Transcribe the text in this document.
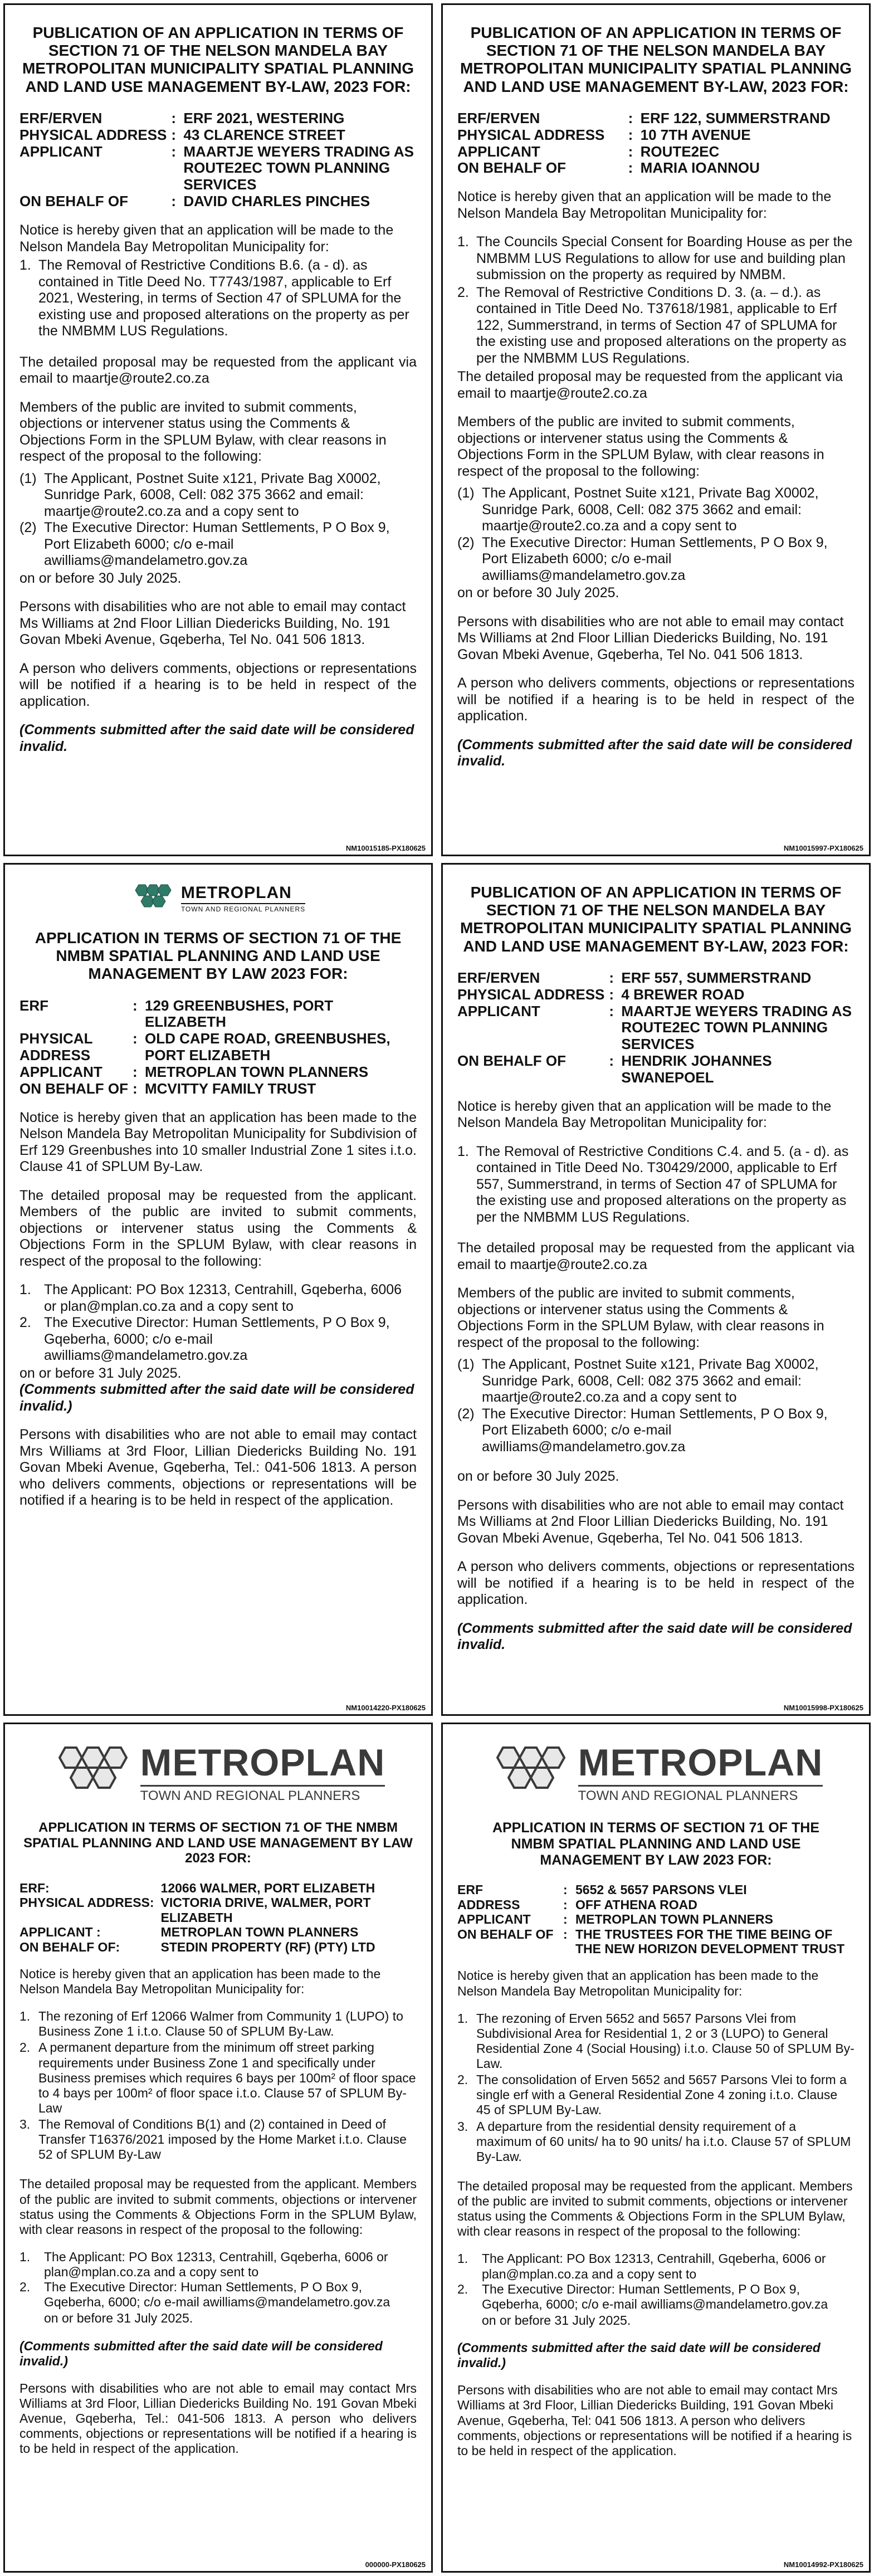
PUBLICATION OF AN APPLICATION IN TERMS OF SECTION 71 OF THE NELSON MANDELA BAY METROPOLITAN MUNICIPALITY SPATIAL PLANNING AND LAND USE MANAGEMENT BY-LAW, 2023 FOR:
ERF/ERVEN	:	ERF 2021, WESTERING
PHYSICAL ADDRESS	:	43 CLARENCE STREET
APPLICANT	:	MAARTJE WEYERS TRADING AS ROUTE2EC TOWN PLANNING SERVICES
ON BEHALF OF	:	DAVID CHARLES PINCHES

Notice is hereby given that an application will be made to the Nelson Mandela Bay Metropolitan Municipality for:

1. The Removal of Restrictive Conditions B.6. (a - d). as contained in Title Deed No. T7743/1987, applicable to Erf 2021, Westering, in terms of Section 47 of SPLUMA for the existing use and proposed alterations on the property as per the NMBMM LUS Regulations.

The detailed proposal may be requested from the applicant via email to maartje@route2.co.za

Members of the public are invited to submit comments, objections or intervener status using the Comments & Objections Form in the SPLUM Bylaw, with clear reasons in respect of the proposal to the following:

(1) The Applicant, Postnet Suite x121, Private Bag X0002, Sunridge Park, 6008, Cell: 082 375 3662 and email: maartje@route2.co.za and a copy sent to
(2) The Executive Director: Human Settlements, P O Box 9, Port Elizabeth 6000; c/o e-mail awilliams@mandelametro.gov.za

on or before 30 July 2025.

Persons with disabilities who are not able to email may contact Ms Williams at 2nd Floor Lillian Diedericks Building, No. 191 Govan Mbeki Avenue, Gqeberha, Tel No. 041 506 1813.

A person who delivers comments, objections or representations will be notified if a hearing is to be held in respect of the application.

(Comments submitted after the said date will be considered invalid.

NM10015185-PX180625
PUBLICATION OF AN APPLICATION IN TERMS OF SECTION 71 OF THE NELSON MANDELA BAY METROPOLITAN MUNICIPALITY SPATIAL PLANNING AND LAND USE MANAGEMENT BY-LAW, 2023 FOR:
ERF/ERVEN	:	ERF 122, SUMMERSTRAND
PHYSICAL ADDRESS	:	10 7TH AVENUE
APPLICANT	:	ROUTE2EC
ON BEHALF OF	:	MARIA IOANNOU

Notice is hereby given that an application will be made to the Nelson Mandela Bay Metropolitan Municipality for:

1. The Councils Special Consent for Boarding House as per the NMBMM LUS Regulations to allow for use and building plan submission on the property as required by NMBM.
2. The Removal of Restrictive Conditions D. 3. (a. – d.). as contained in Title Deed No. T37618/1981, applicable to Erf 122, Summerstrand, in terms of Section 47 of SPLUMA for the existing use and proposed alterations on the property as per the NMBMM LUS Regulations.

The detailed proposal may be requested from the applicant via email to maartje@route2.co.za

Members of the public are invited to submit comments, objections or intervener status using the Comments & Objections Form in the SPLUM Bylaw, with clear reasons in respect of the proposal to the following:

(1) The Applicant, Postnet Suite x121, Private Bag X0002, Sunridge Park, 6008, Cell: 082 375 3662 and email: maartje@route2.co.za and a copy sent to
(2) The Executive Director: Human Settlements, P O Box 9, Port Elizabeth 6000; c/o e-mail awilliams@mandelametro.gov.za

on or before 30 July 2025.

Persons with disabilities who are not able to email may contact Ms Williams at 2nd Floor Lillian Diedericks Building, No. 191 Govan Mbeki Avenue, Gqeberha, Tel No. 041 506 1813.

A person who delivers comments, objections or representations will be notified if a hearing is to be held in respect of the application.

(Comments submitted after the said date will be considered invalid.

NM10015997-PX180625
METROPLAN
TOWN AND REGIONAL PLANNERS
APPLICATION IN TERMS OF SECTION 71 OF THE NMBM SPATIAL PLANNING AND LAND USE MANAGEMENT BY LAW 2023 FOR:
ERF	:	129 GREENBUSHES, PORT ELIZABETH
PHYSICAL ADDRESS	:	OLD CAPE ROAD, GREENBUSHES, PORT ELIZABETH
APPLICANT	:	METROPLAN TOWN PLANNERS
ON BEHALF OF	:	MCVITTY FAMILY TRUST

Notice is hereby given that an application has been made to the Nelson Mandela Bay Metropolitan Municipality for Subdivision of Erf 129 Greenbushes into 10 smaller Industrial Zone 1 sites i.t.o. Clause 41 of SPLUM By-Law.

The detailed proposal may be requested from the applicant. Members of the public are invited to submit comments, objections or intervener status using the Comments & Objections Form in the SPLUM Bylaw, with clear reasons in respect of the proposal to the following:

1. The Applicant: PO Box 12313, Centrahill, Gqeberha, 6006 or plan@mplan.co.za and a copy sent to
2. The Executive Director: Human Settlements, P O Box 9, Gqeberha, 6000; c/o e-mail awilliams@mandelametro.gov.za

on or before 31 July 2025.

(Comments submitted after the said date will be considered invalid.)

Persons with disabilities who are not able to email may contact Mrs Williams at 3rd Floor, Lillian Diedericks Building No. 191 Govan Mbeki Avenue, Gqeberha, Tel.: 041-506 1813. A person who delivers comments, objections or representations will be notified if a hearing is to be held in respect of the application.

NM10014220-PX180625
PUBLICATION OF AN APPLICATION IN TERMS OF SECTION 71 OF THE NELSON MANDELA BAY METROPOLITAN MUNICIPALITY SPATIAL PLANNING AND LAND USE MANAGEMENT BY-LAW, 2023 FOR:
ERF/ERVEN	:	ERF 557, SUMMERSTRAND
PHYSICAL ADDRESS	:	4 BREWER ROAD
APPLICANT	:	MAARTJE WEYERS TRADING AS ROUTE2EC TOWN PLANNING SERVICES
ON BEHALF OF	:	HENDRIK JOHANNES SWANEPOEL

Notice is hereby given that an application will be made to the Nelson Mandela Bay Metropolitan Municipality for:

1. The Removal of Restrictive Conditions C.4. and 5. (a - d). as contained in Title Deed No. T30429/2000, applicable to Erf 557, Summerstrand, in terms of Section 47 of SPLUMA for the existing use and proposed alterations on the property as per the NMBMM LUS Regulations.

The detailed proposal may be requested from the applicant via email to maartje@route2.co.za

Members of the public are invited to submit comments, objections or intervener status using the Comments & Objections Form in the SPLUM Bylaw, with clear reasons in respect of the proposal to the following:

(1) The Applicant, Postnet Suite x121, Private Bag X0002, Sunridge Park, 6008, Cell: 082 375 3662 and email: maartje@route2.co.za and a copy sent to
(2) The Executive Director: Human Settlements, P O Box 9, Port Elizabeth 6000; c/o e-mail awilliams@mandelametro.gov.za

on or before 30 July 2025.

Persons with disabilities who are not able to email may contact Ms Williams at 2nd Floor Lillian Diedericks Building, No. 191 Govan Mbeki Avenue, Gqeberha, Tel No. 041 506 1813.

A person who delivers comments, objections or representations will be notified if a hearing is to be held in respect of the application.

(Comments submitted after the said date will be considered invalid.

NM10015998-PX180625
METROPLAN
TOWN AND REGIONAL PLANNERS
APPLICATION IN TERMS OF SECTION 71 OF THE NMBM SPATIAL PLANNING AND LAND USE MANAGEMENT BY LAW 2023 FOR:
ERF:	12066 WALMER, PORT ELIZABETH
PHYSICAL ADDRESS:	VICTORIA DRIVE, WALMER, PORT ELIZABETH
APPLICANT :	METROPLAN TOWN PLANNERS
ON BEHALF OF:	STEDIN PROPERTY (RF) (PTY) LTD

Notice is hereby given that an application has been made to the Nelson Mandela Bay Metropolitan Municipality for:

1. The rezoning of Erf 12066 Walmer from Community 1 (LUPO) to Business Zone 1 i.t.o. Clause 50 of SPLUM By-Law.
2. A permanent departure from the minimum off street parking requirements under Business Zone 1 and specifically under Business premises which requires 6 bays per 100m² of floor space to 4 bays per 100m² of floor space i.t.o. Clause 57 of SPLUM By-Law
3. The Removal of Conditions B(1) and (2) contained in Deed of Transfer T16376/2021 imposed by the Home Market i.t.o. Clause 52 of SPLUM By-Law

The detailed proposal may be requested from the applicant. Members of the public are invited to submit comments, objections or intervener status using the Comments & Objections Form in the SPLUM Bylaw, with clear reasons in respect of the proposal to the following:

1.	The Applicant: PO Box 12313, Centrahill, Gqeberha, 6006 or plan@mplan.co.za and a copy sent to
2.	The Executive Director: Human Settlements, P O Box 9, Gqeberha, 6000; c/o e-mail awilliams@mandelametro.gov.za

on or before 31 July 2025.

(Comments submitted after the said date will be considered invalid.)

Persons with disabilities who are not able to email may contact Mrs Williams at 3rd Floor, Lillian Diedericks Building No. 191 Govan Mbeki Avenue, Gqeberha, Tel.: 041-506 1813. A person who delivers comments, objections or representations will be notified if a hearing is to be held in respect of the application.

000000-PX180625
METROPLAN
TOWN AND REGIONAL PLANNERS
APPLICATION IN TERMS OF SECTION 71 OF THE NMBM SPATIAL PLANNING AND LAND USE MANAGEMENT BY LAW 2023 FOR:
ERF	:	5652 & 5657 PARSONS VLEI
ADDRESS	:	OFF ATHENA ROAD
APPLICANT	:	METROPLAN TOWN PLANNERS
ON BEHALF OF	:	THE TRUSTEES FOR THE TIME BEING OF THE NEW HORIZON DEVELOPMENT TRUST

Notice is hereby given that an application has been made to the Nelson Mandela Bay Metropolitan Municipality for:

1. The rezoning of Erven 5652 and 5657 Parsons Vlei from Subdivisional Area for Residential 1, 2 or 3 (LUPO) to General Residential Zone 4 (Social Housing) i.t.o. Clause 50 of SPLUM By-Law.
2. The consolidation of Erven 5652 and 5657 Parsons Vlei to form a single erf with a General Residential Zone 4 zoning i.t.o. Clause 45 of SPLUM By-Law.
3. A departure from the residential density requirement of a maximum of 60 units/ ha to 90 units/ ha i.t.o. Clause 57 of SPLUM By-Law.

The detailed proposal may be requested from the applicant. Members of the public are invited to submit comments, objections or intervener status using the Comments & Objections Form in the SPLUM Bylaw, with clear reasons in respect of the proposal to the following:

1.	The Applicant: PO Box 12313, Centrahill, Gqeberha, 6006 or plan@mplan.co.za and a copy sent to
2.	The Executive Director: Human Settlements, P O Box 9, Gqeberha, 6000; c/o e-mail awilliams@mandelametro.gov.za

on or before 31 July 2025.

(Comments submitted after the said date will be considered invalid.)

Persons with disabilities who are not able to email may contact Mrs Williams at 3rd Floor, Lillian Diedericks Building, 191 Govan Mbeki Avenue, Gqeberha, Tel: 041 506 1813. A person who delivers comments, objections or representations will be notified if a hearing is to be held in respect of the application.

NM10014992-PX180625
